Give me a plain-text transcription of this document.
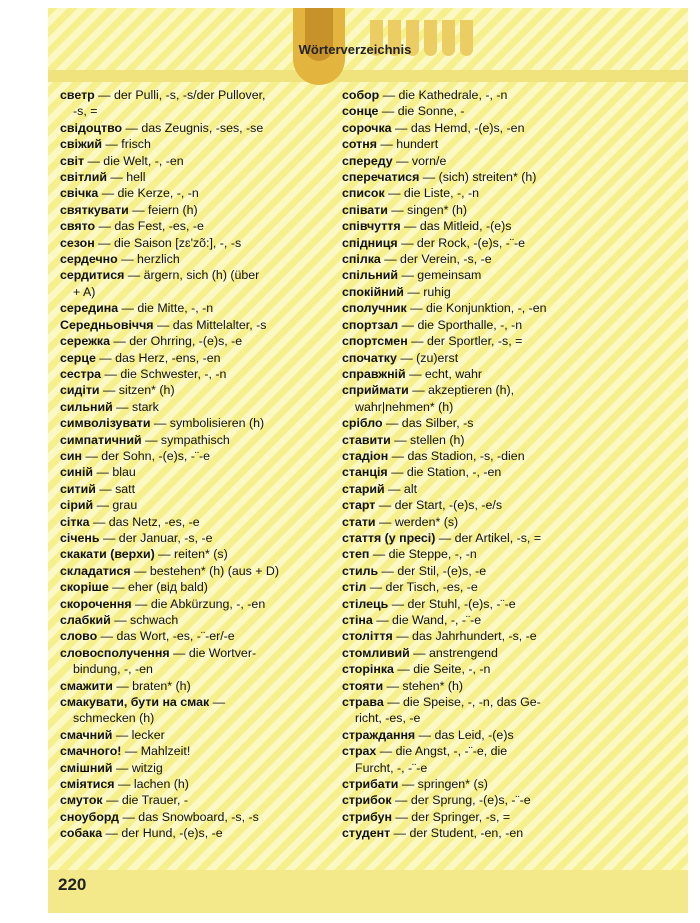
Wörterverzeichnis

светр — der Pulli, -s, -s/der Pullover,

-s, =

свідоцтво — das Zeugnis, -ses, -se

свіжий — frisch

світ — die Welt, -, -en

світлий — hell

свічка — die Kerze, -, -n

святкувати — feiern (h)

свято — das Fest, -es, -e

сезон — die Saison [zɛ'zõ:], -, -s

сердечно — herzlich

сердитися — ärgern, sich (h) (über

+ A)

середина — die Mitte, -, -n

Середньовіччя — das Mittelalter, -s

сережка — der Ohrring, -(e)s, -e

серце — das Herz, -ens, -en

сестра — die Schwester, -, -n

сидіти — sitzen* (h)

сильний — stark

символізувати — symbolisieren (h)

симпатичний — sympathisch

син — der Sohn, -(e)s, -¨-e

синій — blau

ситий — satt

сірий — grau

сітка — das Netz, -es, -e

січень — der Januar, -s, -e

скакати (верхи) — reiten* (s)

складатися — bestehen* (h) (aus + D)

скоріше — eher (від bald)

скорочення — die Abkürzung, -, -en

слабкий — schwach

слово — das Wort, -es, -¨-er/-e

словосполучення — die Wortver-

bindung, -, -en

смажити — braten* (h)

смакувати, бути на смак —

schmecken (h)

смачний — lecker

смачного! — Mahlzeit!

смішний — witzig

сміятися — lachen (h)

смуток — die Trauer, -

сноуборд — das Snowboard, -s, -s

собака — der Hund, -(e)s, -e

собор — die Kathedrale, -, -n

сонце — die Sonne, -

сорочка — das Hemd, -(e)s, -en

сотня — hundert

спереду — vorn/e

сперечатися — (sich) streiten* (h)

список — die Liste, -, -n

співати — singen* (h)

співчуття — das Mitleid, -(e)s

спідниця — der Rock, -(e)s, -¨-e

спілка — der Verein, -s, -e

спільний — gemeinsam

спокійний — ruhig

сполучник — die Konjunktion, -, -en

спортзал — die Sporthalle, -, -n

спортсмен — der Sportler, -s, =

спочатку — (zu)erst

справжній — echt, wahr

сприймати — akzeptieren (h),

wahr|nehmen* (h)

срібло — das Silber, -s

ставити — stellen (h)

стадіон — das Stadion, -s, -dien

станція — die Station, -, -en

старий — alt

старт — der Start, -(e)s, -e/s

стати — werden* (s)

стаття (у пресі) — der Artikel, -s, =

степ — die Steppe, -, -n

стиль — der Stil, -(e)s, -e

стіл — der Tisch, -es, -e

стілець — der Stuhl, -(e)s, -¨-e

стіна — die Wand, -, -¨-e

століття — das Jahrhundert, -s, -e

стомливий — anstrengend

сторінка — die Seite, -, -n

стояти — stehen* (h)

страва — die Speise, -, -n, das Ge-

richt, -es, -e

страждання — das Leid, -(e)s

страх — die Angst, -, -¨-e, die

Furcht, -, -¨-e

стрибати — springen* (s)

стрибок — der Sprung, -(e)s, -¨-e

стрибун — der Springer, -s, =

студент — der Student, -en, -en

220
